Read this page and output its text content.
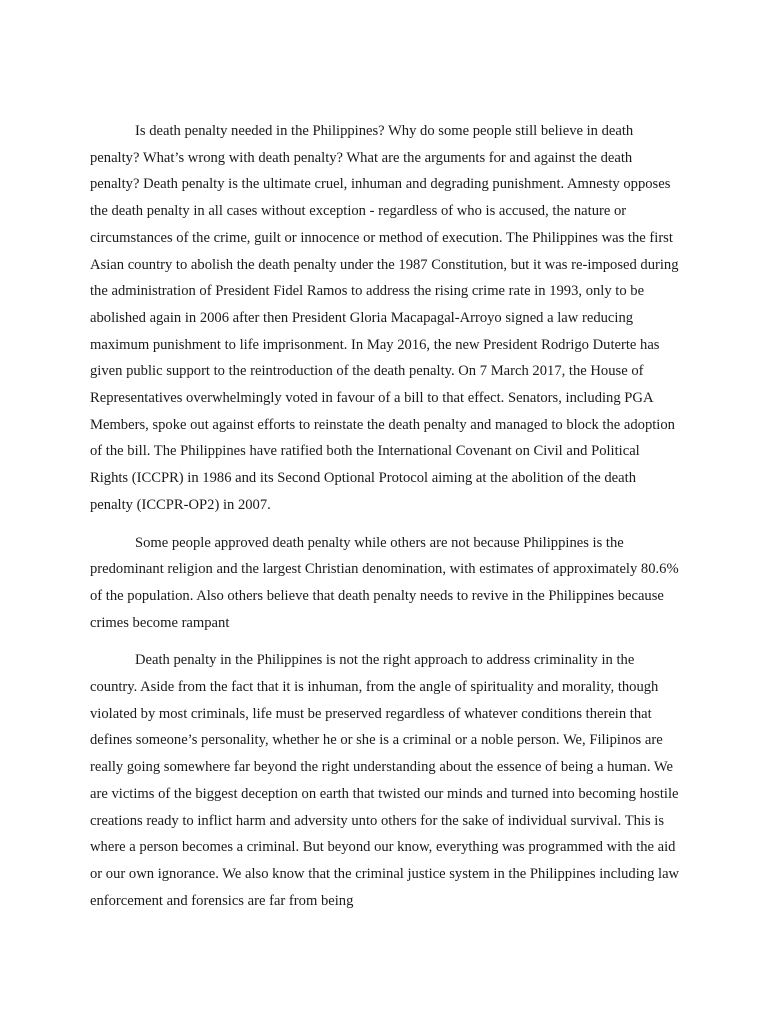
Is death penalty needed in the Philippines? Why do some people still believe in death penalty? What’s wrong with death penalty? What are the arguments for and against the death penalty? Death penalty is the ultimate cruel, inhuman and degrading punishment. Amnesty opposes the death penalty in all cases without exception - regardless of who is accused, the nature or circumstances of the crime, guilt or innocence or method of execution. The Philippines was the first Asian country to abolish the death penalty under the 1987 Constitution, but it was re-imposed during the administration of President Fidel Ramos to address the rising crime rate in 1993, only to be abolished again in 2006 after then President Gloria Macapagal-Arroyo signed a law reducing maximum punishment to life imprisonment. In May 2016, the new President Rodrigo Duterte has given public support to the reintroduction of the death penalty. On 7 March 2017, the House of Representatives overwhelmingly voted in favour of a bill to that effect. Senators, including PGA Members, spoke out against efforts to reinstate the death penalty and managed to block the adoption of the bill. The Philippines have ratified both the International Covenant on Civil and Political Rights (ICCPR) in 1986 and its Second Optional Protocol aiming at the abolition of the death penalty (ICCPR-OP2) in 2007.

Some people approved death penalty while others are not because Philippines is the predominant religion and the largest Christian denomination, with estimates of approximately 80.6% of the population. Also others believe that death penalty needs to revive in the Philippines because crimes become rampant

Death penalty in the Philippines is not the right approach to address criminality in the country. Aside from the fact that it is inhuman, from the angle of spirituality and morality, though violated by most criminals, life must be preserved regardless of whatever conditions therein that defines someone’s personality, whether he or she is a criminal or a noble person. We, Filipinos are really going somewhere far beyond the right understanding about the essence of being a human. We are victims of the biggest deception on earth that twisted our minds and turned into becoming hostile creations ready to inflict harm and adversity unto others for the sake of individual survival. This is where a person becomes a criminal. But beyond our know, everything was programmed with the aid or our own ignorance. We also know that the criminal justice system in the Philippines including law enforcement and forensics are far from being
